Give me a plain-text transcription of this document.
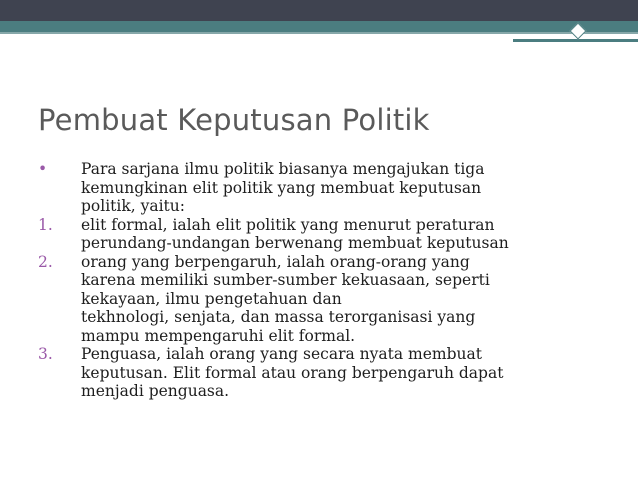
Pembuat Keputusan Politik
• Para sarjana ilmu politik biasanya mengajukan tiga
kemungkinan elit politik yang membuat keputusan
politik, yaitu:
1. elit formal, ialah elit politik yang menurut peraturan
perundang-undangan berwenang membuat keputusan
2. orang yang berpengaruh, ialah orang-orang yang
karena memiliki sumber-sumber kekuasaan, seperti
kekayaan, ilmu pengetahuan dan
tekhnologi, senjata, dan massa terorganisasi yang
mampu mempengaruhi elit formal.
3. Penguasa, ialah orang yang secara nyata membuat
keputusan. Elit formal atau orang berpengaruh dapat
menjadi penguasa.
